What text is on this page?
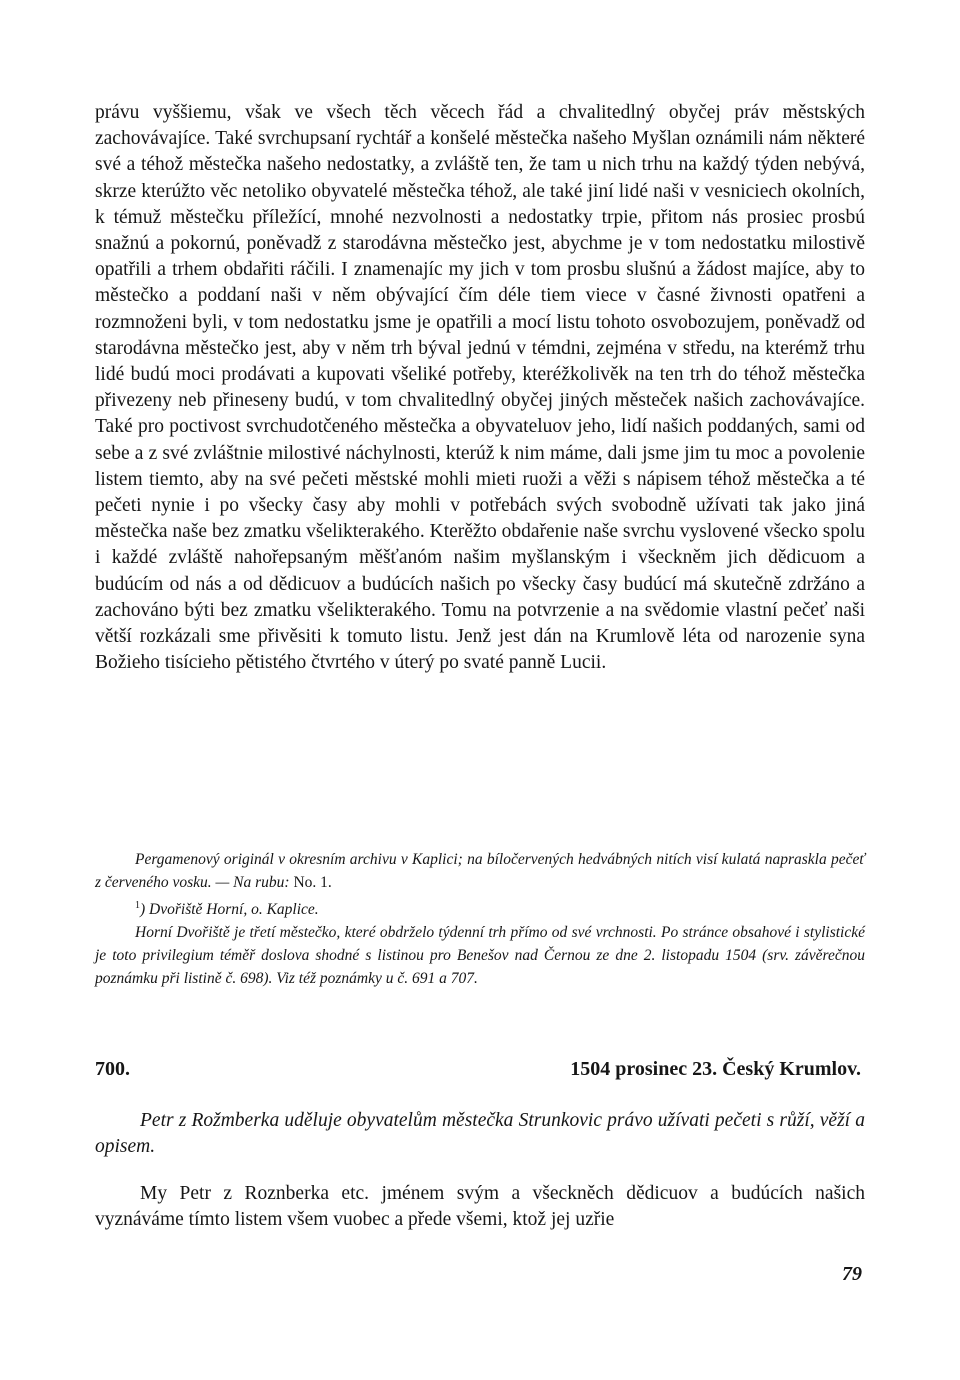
právu vyššiemu, však ve všech těch věcech řád a chvalitedlný obyčej práv městských zachovávajíce. Také svrchupsaní rychtář a konšelé městečka našeho Myšlan oznámili nám některé své a téhož městečka našeho nedostatky, a zvláště ten, že tam u nich trhu na každý týden nebývá, skrze kterúžto věc netoliko obyvatelé městečka téhož, ale také jiní lidé naši v vesniciech okolních, k témuž městečku příležící, mnohé nezvolnosti a nedostatky trpie, přitom nás prosiec prosbú snažnú a pokornú, poněvadž z starodávna městečko jest, abychme je v tom nedostatku milostivě opatřili a trhem obdařiti ráčili. I znamenajíc my jich v tom prosbu slušnú a žádost majíce, aby to městečko a poddaní naši v něm obývající čím déle tiem viece v časné živnosti opatřeni a rozmnoženi byli, v tom nedostatku jsme je opatřili a mocí listu tohoto osvobozujem, poněvadž od starodávna městečko jest, aby v něm trh býval jednú v témdni, zejména v středu, na kterémž trhu lidé budú moci prodávati a kupovati všeliké potřeby, kteréžkolivěk na ten trh do téhož městečka přivezeny neb přineseny budú, v tom chvalitedlný obyčej jiných městeček našich zachovávajíce. Také pro poctivost svrchudotčeného městečka a obyvateluov jeho, lidí našich poddaných, sami od sebe a z své zvláštnie milostivé náchylnosti, kterúž k nim máme, dali jsme jim tu moc a povolenie listem tiemto, aby na své pečeti městské mohli mieti ruoži a věži s nápisem téhož městečka a té pečeti nynie i po všecky časy aby mohli v potřebách svých svobodně užívati tak jako jiná městečka naše bez zmatku všelikterakého. Kterěžto obdařenie naše svrchu vyslovené všecko spolu i každé zvláště nahořepsaným měšťanóm našim myšlanským i všeckněm jich dědicuom a budúcím od nás a od dědicuov a budúcích našich po všecky časy budúcí má skutečně zdržáno a zachováno býti bez zmatku všelikterakého. Tomu na potvrzenie a na svědomie vlastní pečeť naši větší rozkázali sme přivěsiti k tomuto listu. Jenž jest dán na Krumlově léta od narozenie syna Božieho tisícieho pětistého čtvrtého v úterý po svaté panně Lucii.

Pergamenový originál v okresním archivu v Kaplici; na bíločervených hedvábných nitích visí kulatá napraskla pečeť z červeného vosku. — Na rubu: No. 1.

$^1$) Dvořiště Horní, o. Kaplice.

Horní Dvořiště je třetí městečko, které obdrželo týdenní trh přímo od své vrchnosti. Po stránce obsahové i stylistické je toto privilegium téměř doslova shodné s listinou pro Benešov nad Černou ze dne 2. listopadu 1504 (srv. závěrečnou poznámku při listině č. 698). Viz též poznámky u č. 691 a 707.

700.	1504 prosinec 23. Český Krumlov.

Petr z Rožmberka uděluje obyvatelům městečka Strunkovic právo užívati pečeti s růží, věží a opisem.

My Petr z Roznberka etc. jménem svým a všeckněch dědicuov a budúcích našich vyznáváme tímto listem všem vuobec a přede všemi, ktož jej uzřie

79
